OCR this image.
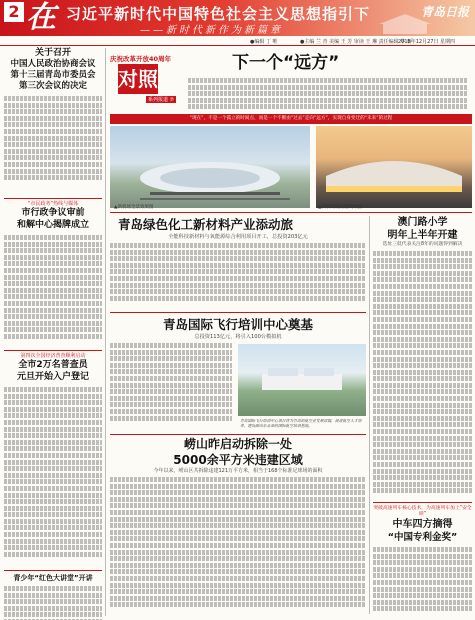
2 在 习近平新时代中国特色社会主义思想指引下
——新时代新作为新篇章
青岛日报
●编辑 丁 唯	●主编 兰 青 美编 王 芳 审读 王 琳 责任编辑 华 新
2018年12月27日 星期四
关于召开
中国人民政治协商会议
第十三届青岛市委员会
第三次会议的决定
“市民政务”热线与媒体
市行政争议审前
和解中心揭牌成立
第四次全国经济普查顺利启动
全市2万名普查员
元旦开始入户登记
青少年“红色大讲堂”开讲
庆祝改革开放40周年
对照
系列报道 ⑦
下一个“远方”
“现在”，不是一个孤立的时间点，而是一个不断由“过去”走向“远方”，实现自身变迁的“未来”的过程
▲新机场全景效果图	▲新机场航站楼效果图
青岛绿色化工新材料产业添动旅
全能科技新材料与氧能源综合利用项目开工，总投资203亿元
青岛国际飞行培训中心奠基
总投资113亿元，将引入100台模拟机
青岛国际飞行培训中心项目将为青岛的航空业发展添翼，促进航空人才培养，建设面向东北亚的国际航空培训基地。
崂山昨启动拆除一处
5000余平方米违建区域
今年以来，崂山区共拆除违建121万平方米，相当于168个标准足球场的面积
澳门路小学
明年上半年开建
选址三低代表关注8年的问题得到解决
突破高速列车核心技术，为高速列车加上“安全锁”
中车四方摘得
“中国专利金奖”
